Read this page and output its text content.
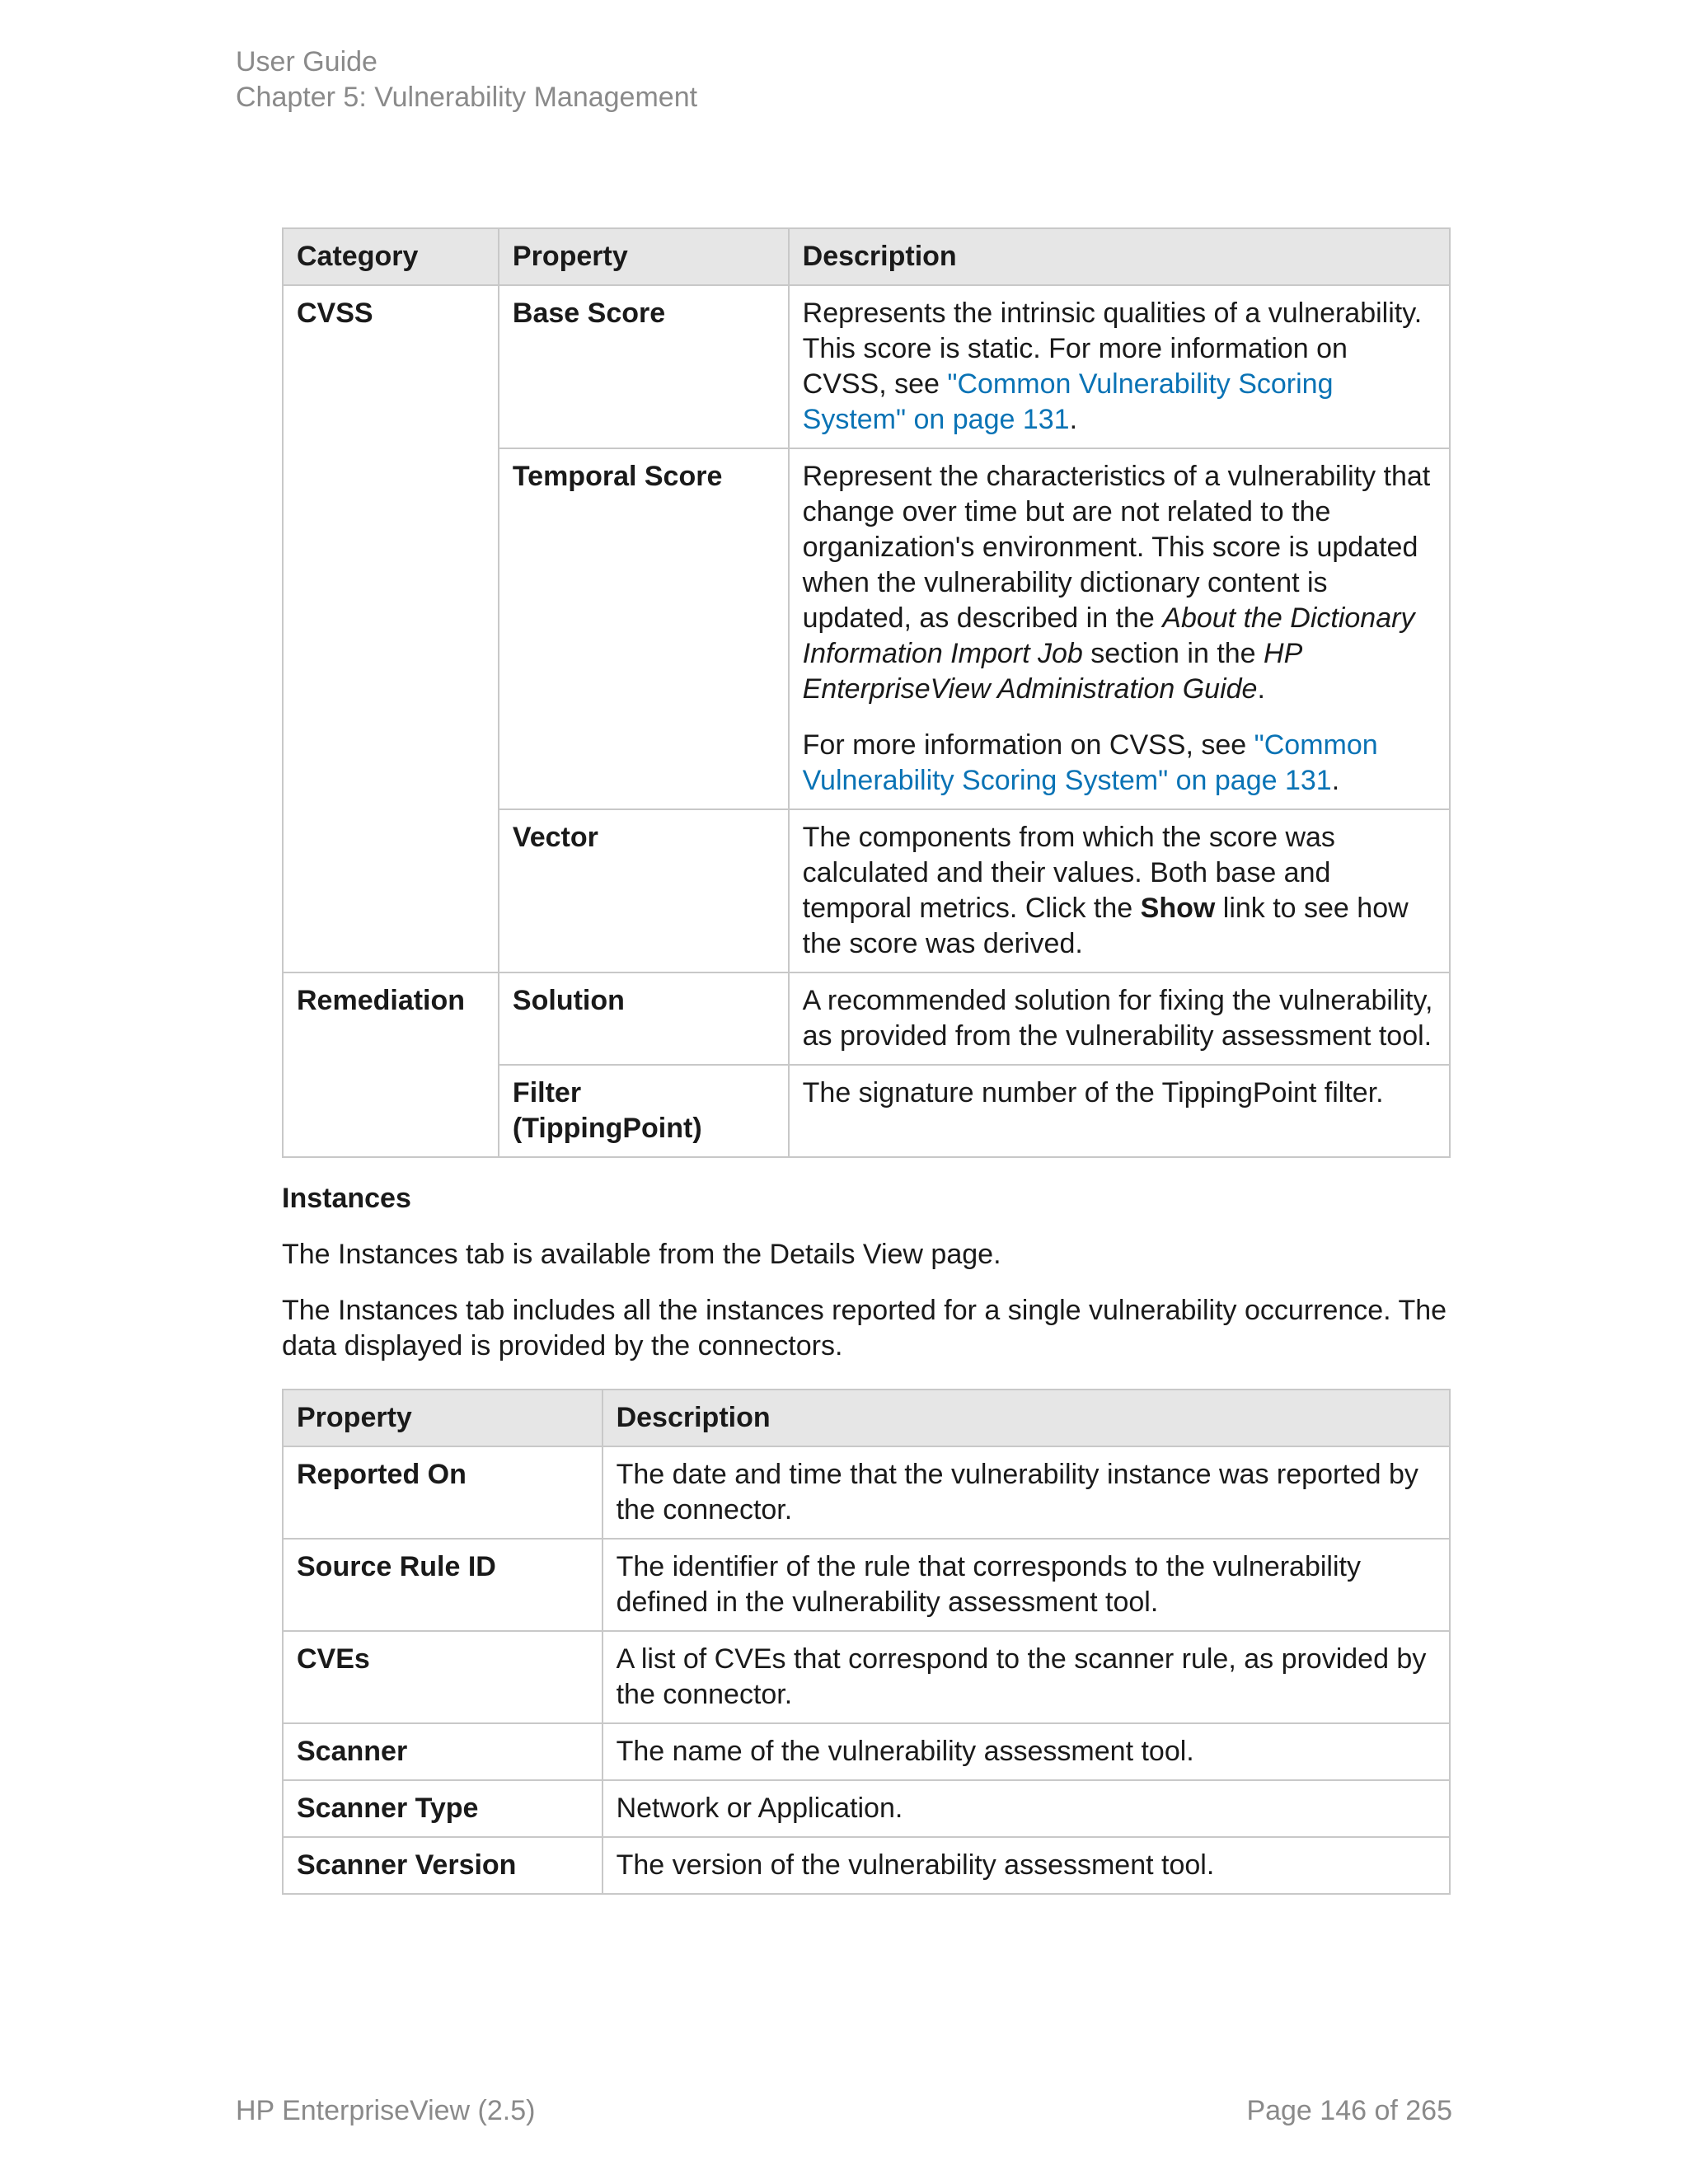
User Guide
Chapter 5: Vulnerability Management
Category	Property	Description
CVSS	Base Score	Represents the intrinsic qualities of a vulnerability. This score is static. For more information on CVSS, see "Common Vulnerability Scoring System" on page 131.
	Temporal Score	Represent the characteristics of a vulnerability that change over time but are not related to the organization's environment. This score is updated when the vulnerability dictionary content is updated, as described in the About the Dictionary Information Import Job section in the HP EnterpriseView Administration Guide.

For more information on CVSS, see "Common Vulnerability Scoring System" on page 131.

	Vector	The components from which the score was calculated and their values. Both base and temporal metrics. Click the Show link to see how the score was derived.
Remediation	Solution	A recommended solution for fixing the vulnerability, as provided from the vulnerability assessment tool.
	Filter (TippingPoint)	The signature number of the TippingPoint filter.
Instances

The Instances tab is available from the Details View page.

The Instances tab includes all the instances reported for a single vulnerability occurrence. The data displayed is provided by the connectors.

Property	Description
Reported On	The date and time that the vulnerability instance was reported by the connector.
Source Rule ID	The identifier of the rule that corresponds to the vulnerability defined in the vulnerability assessment tool.
CVEs	A list of CVEs that correspond to the scanner rule, as provided by the connector.
Scanner	The name of the vulnerability assessment tool.
Scanner Type	Network or Application.
Scanner Version	The version of the vulnerability assessment tool.
HP EnterpriseView (2.5)	Page 146 of 265
